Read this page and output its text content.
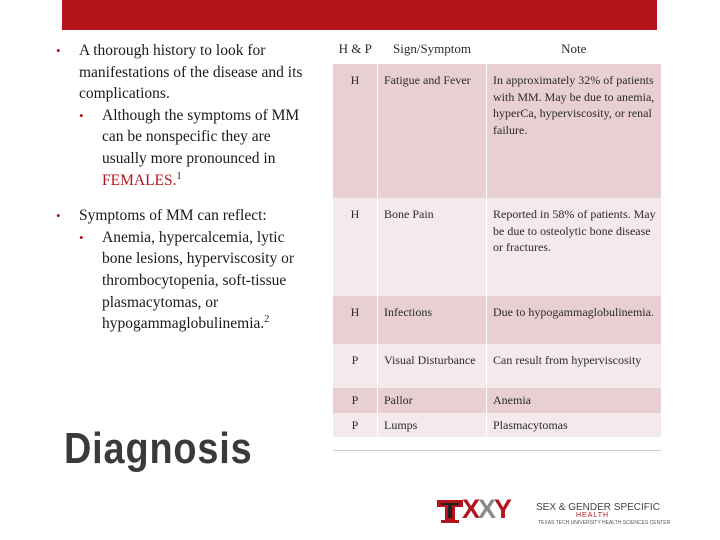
• A thorough history to look for manifestations of the disease and its complications.

• Although the symptoms of MM can be nonspecific they are usually more pronounced in FEMALES.$^1$

• Symptoms of MM can reflect:

• Anemia, hypercalcemia, lytic bone lesions, hyperviscosity or thrombocytopenia, soft-tissue plasmacytomas, or hypogammaglobulinemia.$^2$

Diagnosis
H & P	Sign/Symptom	Note
H	Fatigue and Fever	In approximately 32% of patients with MM. May be due to anemia, hyperCa, hyperviscosity, or renal failure.
H	Bone Pain	Reported in 58% of patients. May be due to osteolytic bone disease or fractures.
H	Infections	Due to hypogammaglobulinemia.
P	Visual Disturbance	Can result from hyperviscosity
P	Pallor	Anemia
P	Lumps	Plasmacytomas
XXY	SEX & GENDER SPECIFIC
HEALTH
TEXAS TECH UNIVERSITY HEALTH SCIENCES CENTER
